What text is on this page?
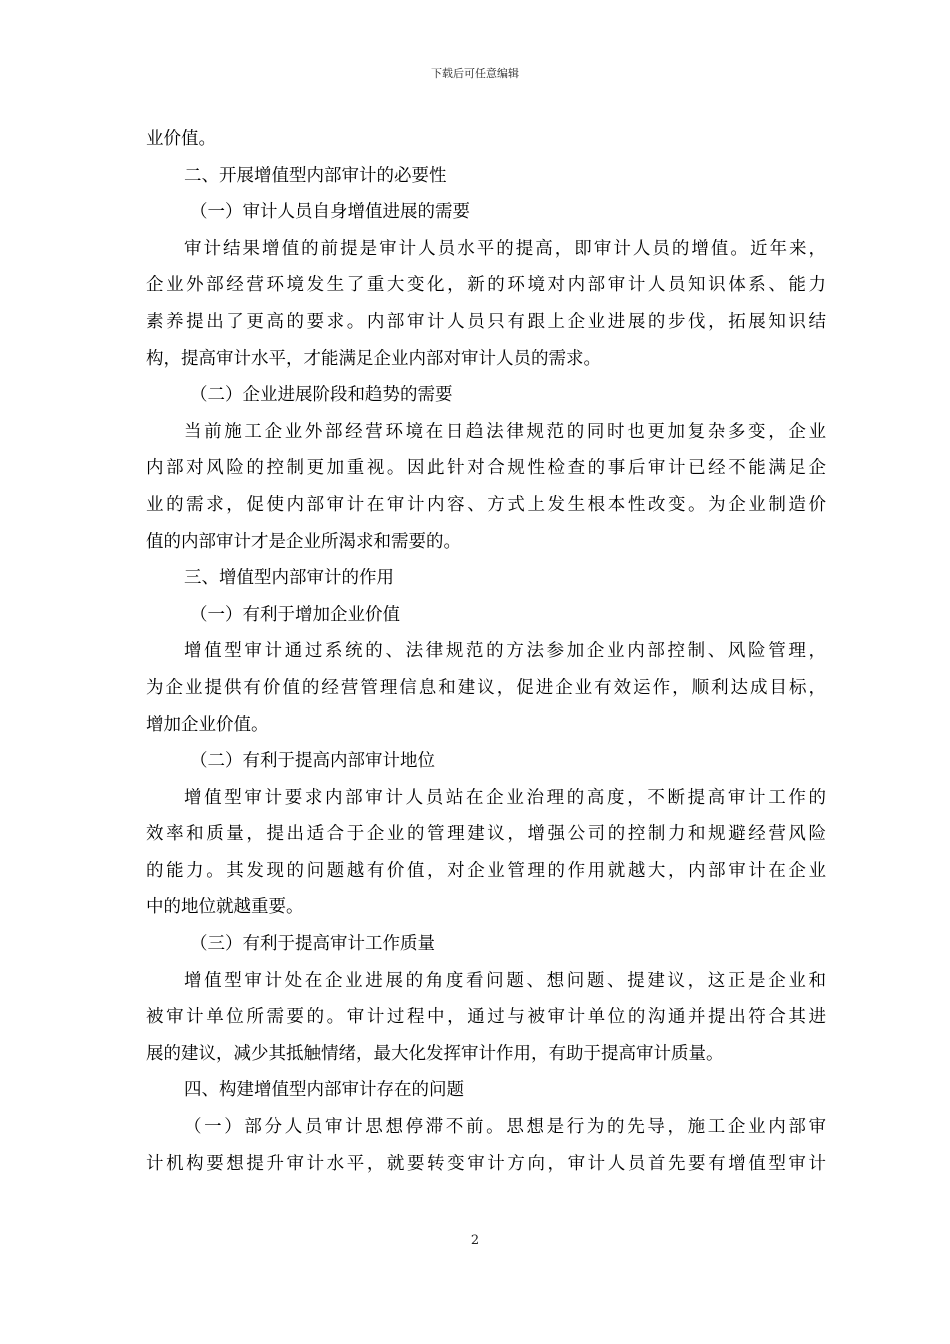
下载后可任意编辑
业价值。
二、开展增值型内部审计的必要性
（一）审计人员自身增值进展的需要
审计结果增值的前提是审计人员水平的提高，即审计人员的增值。近年来，
企业外部经营环境发生了重大变化，新的环境对内部审计人员知识体系、能力
素养提出了更高的要求。内部审计人员只有跟上企业进展的步伐，拓展知识结
构，提高审计水平，才能满足企业内部对审计人员的需求。
（二）企业进展阶段和趋势的需要
当前施工企业外部经营环境在日趋法律规范的同时也更加复杂多变，企业
内部对风险的控制更加重视。因此针对合规性检查的事后审计已经不能满足企
业的需求，促使内部审计在审计内容、方式上发生根本性改变。为企业制造价
值的内部审计才是企业所渴求和需要的。
三、增值型内部审计的作用
（一）有利于增加企业价值
增值型审计通过系统的、法律规范的方法参加企业内部控制、风险管理，
为企业提供有价值的经营管理信息和建议，促进企业有效运作，顺利达成目标，
增加企业价值。
（二）有利于提高内部审计地位
增值型审计要求内部审计人员站在企业治理的高度，不断提高审计工作的
效率和质量，提出适合于企业的管理建议，增强公司的控制力和规避经营风险
的能力。其发现的问题越有价值，对企业管理的作用就越大，内部审计在企业
中的地位就越重要。
（三）有利于提高审计工作质量
增值型审计处在企业进展的角度看问题、想问题、提建议，这正是企业和
被审计单位所需要的。审计过程中，通过与被审计单位的沟通并提出符合其进
展的建议，减少其抵触情绪，最大化发挥审计作用，有助于提高审计质量。
四、构建增值型内部审计存在的问题
（一）部分人员审计思想停滞不前。思想是行为的先导，施工企业内部审
计机构要想提升审计水平，就要转变审计方向，审计人员首先要有增值型审计
2
